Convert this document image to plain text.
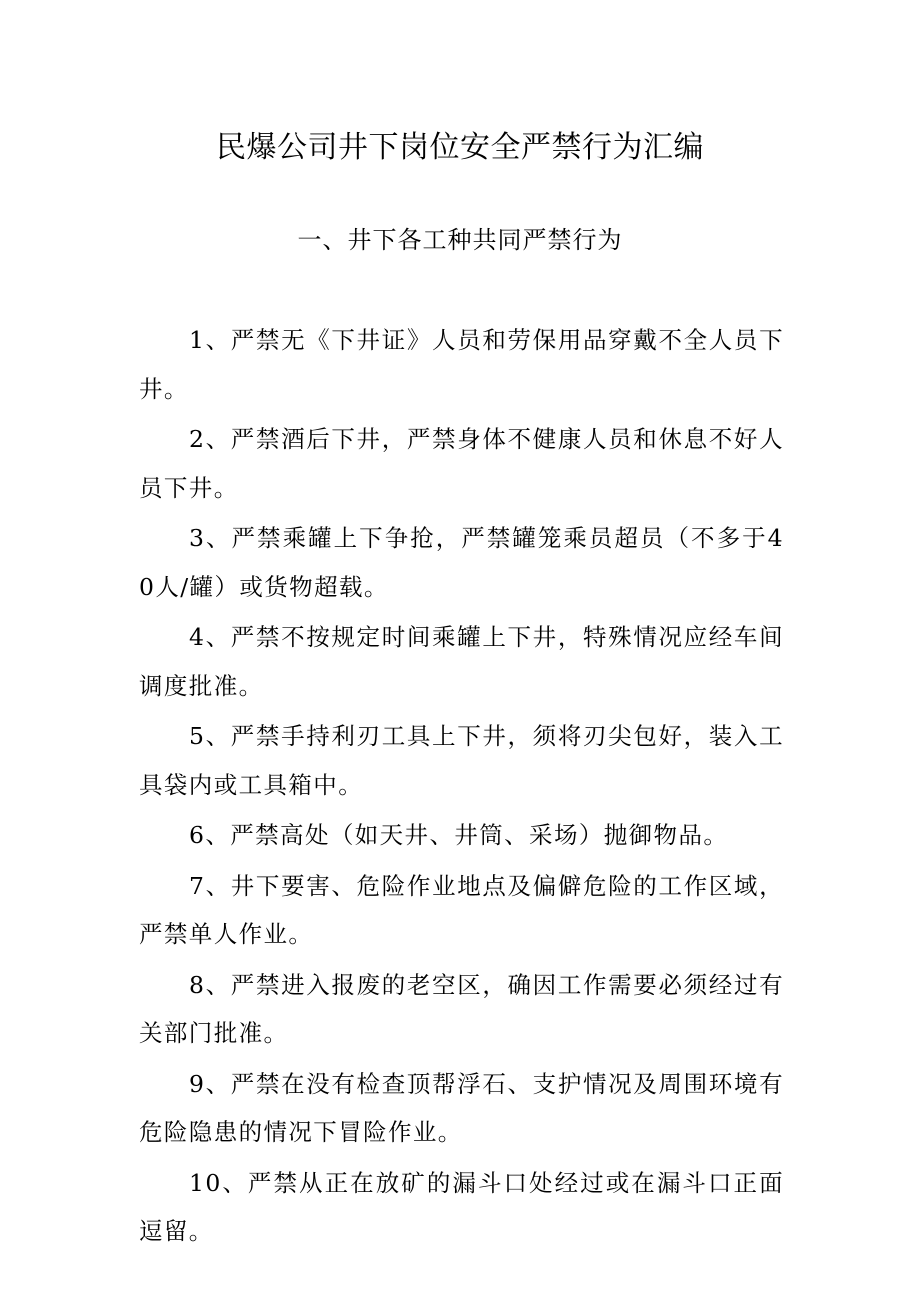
民爆公司井下岗位安全严禁行为汇编
一、井下各工种共同严禁行为

1、严禁无《下井证》人员和劳保用品穿戴不全人员下井。

2、严禁酒后下井，严禁身体不健康人员和休息不好人员下井。

3、严禁乘罐上下争抢，严禁罐笼乘员超员（不多于40人/罐）或货物超载。

4、严禁不按规定时间乘罐上下井，特殊情况应经车间调度批准。

5、严禁手持利刃工具上下井，须将刃尖包好，装入工具袋内或工具箱中。

6、严禁高处（如天井、井筒、采场）抛御物品。

7、井下要害、危险作业地点及偏僻危险的工作区域，严禁单人作业。

8、严禁进入报废的老空区，确因工作需要必须经过有关部门批准。

9、严禁在没有检查顶帮浮石、支护情况及周围环境有危险隐患的情况下冒险作业。

10、严禁从正在放矿的漏斗口处经过或在漏斗口正面逗留。
